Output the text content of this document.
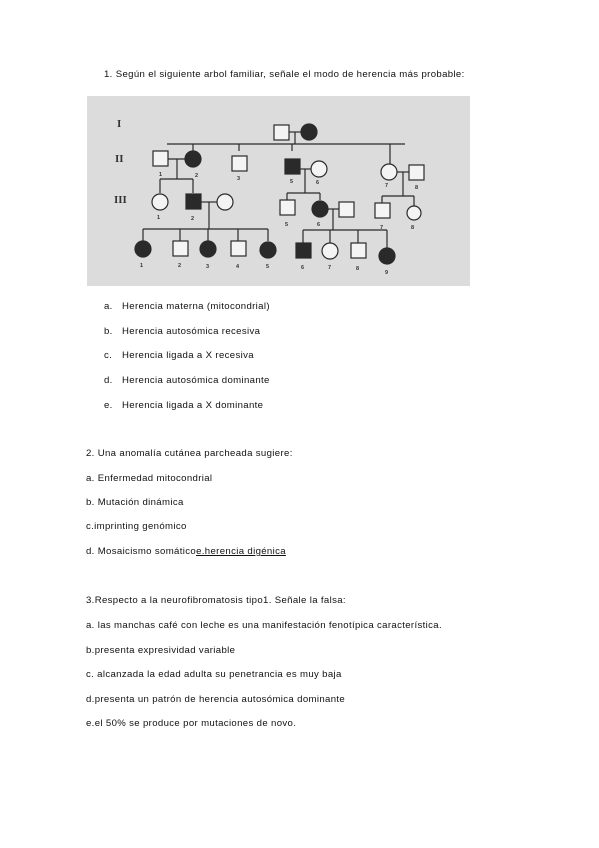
1. Según el siguiente arbol familiar, señale el modo de herencia más probable:
I
II
III
1	2	3	5	6	7	8
1	2
5	6	7	8
1	2	3	4	5	6	7	8
9
a. Herencia materna (mitocondrial)
b. Herencia autosómica recesiva
c. Herencia ligada a X recesiva
d. Herencia autosómica dominante
e. Herencia ligada a X dominante
2. Una anomalía cutánea parcheada sugiere:
a. Enfermedad mitocondrial
b. Mutación dinámica
c.imprinting genómico
d. Mosaicismo somáticoe.herencia digénica
3.Respecto a la neurofibromatosis tipo1. Señale la falsa:
a. las manchas café con leche es una manifestación fenotípica característica.
b.presenta expresividad variable
c. alcanzada la edad adulta su penetrancia es muy baja
d.presenta un patrón de herencia autosómica dominante
e.el 50% se produce por mutaciones de novo.
